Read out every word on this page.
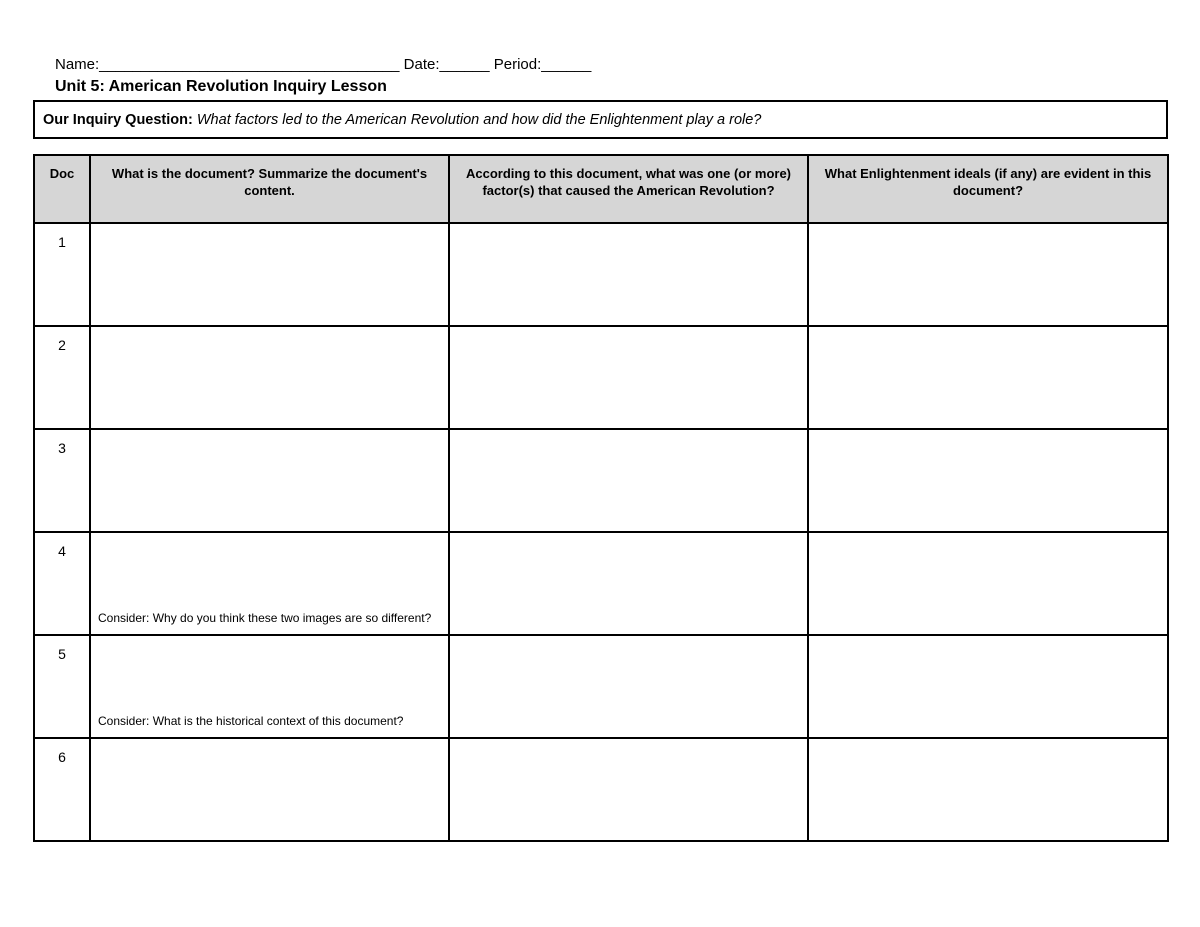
Name:____________________________________ Date:______ Period:______
Unit 5: American Revolution Inquiry Lesson
Our Inquiry Question: What factors led to the American Revolution and how did the Enlightenment play a role?
Doc	What is the document? Summarize the document's content.	According to this document, what was one (or more) factor(s) that caused the American Revolution?	What Enlightenment ideals (if any) are evident in this document?

1			

2			

3			

4	Consider: Why do you think these two images are so different?		

5	Consider: What is the historical context of this document?		

6			
